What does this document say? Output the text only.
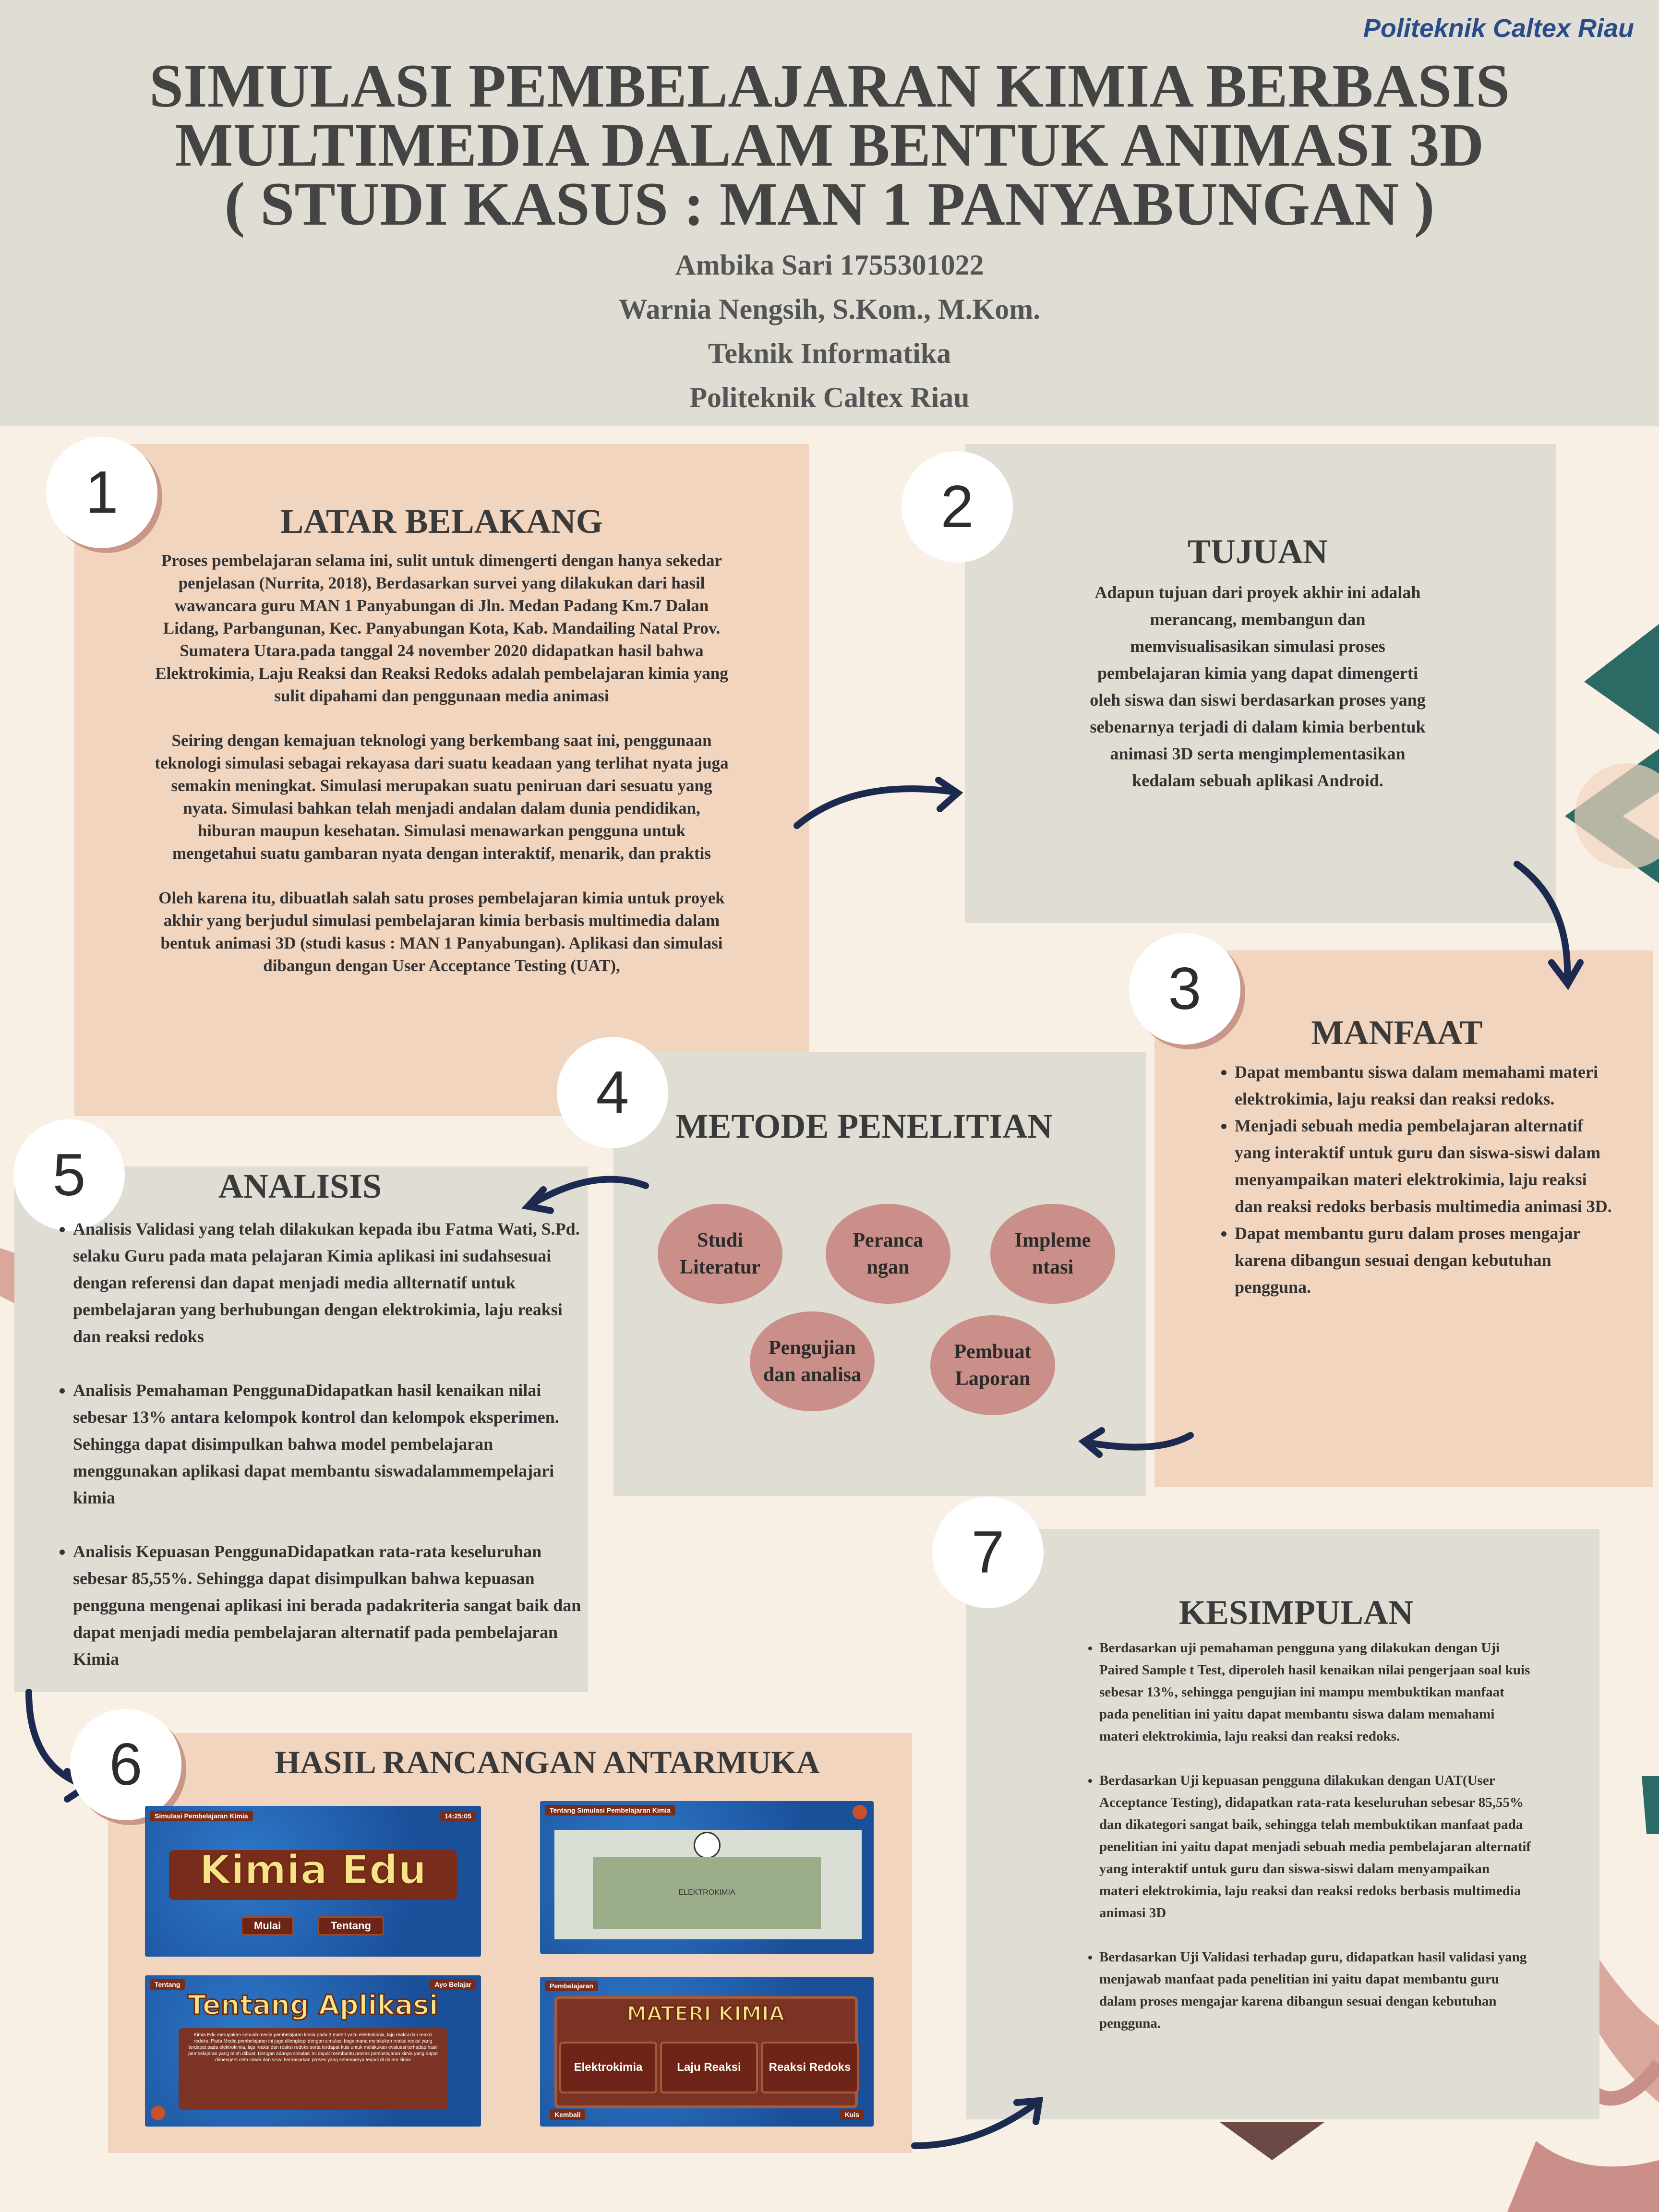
Politeknik Caltex Riau
SIMULASI PEMBELAJARAN KIMIA BERBASIS
MULTIMEDIA DALAM BENTUK ANIMASI 3D
( STUDI KASUS : MAN 1 PANYABUNGAN )
Ambika Sari 1755301022
Warnia Nengsih, S.Kom., M.Kom.
Teknik Informatika
Politeknik Caltex Riau
1	LATAR BELAKANG

Proses pembelajaran selama ini, sulit untuk dimengerti dengan hanya sekedar penjelasan (Nurrita, 2018), Berdasarkan survei yang dilakukan dari hasil wawancara guru MAN 1 Panyabungan di Jln. Medan Padang Km.7 Dalan Lidang, Parbangunan, Kec. Panyabungan Kota, Kab. Mandailing Natal Prov. Sumatera Utara.pada tanggal 24 november 2020 didapatkan hasil bahwa Elektrokimia, Laju Reaksi dan Reaksi Redoks adalah pembelajaran kimia yang sulit dipahami dan penggunaan media animasi

Seiring dengan kemajuan teknologi yang berkembang saat ini, penggunaan teknologi simulasi sebagai rekayasa dari suatu keadaan yang terlihat nyata juga semakin meningkat. Simulasi merupakan suatu peniruan dari sesuatu yang nyata. Simulasi bahkan telah menjadi andalan dalam dunia pendidikan, hiburan maupun kesehatan. Simulasi menawarkan pengguna untuk mengetahui suatu gambaran nyata dengan interaktif, menarik, dan praktis

Oleh karena itu, dibuatlah salah satu proses pembelajaran kimia untuk proyek akhir yang berjudul simulasi pembelajaran kimia berbasis multimedia dalam bentuk animasi 3D (studi kasus : MAN 1 Panyabungan). Aplikasi dan simulasi dibangun dengan User Acceptance Testing (UAT),

2
TUJUAN
Adapun tujuan dari proyek akhir ini adalah merancang, membangun dan memvisualisasikan simulasi proses pembelajaran kimia yang dapat dimengerti oleh siswa dan siswi berdasarkan proses yang sebenarnya terjadi di dalam kimia berbentuk animasi 3D serta mengimplementasikan kedalam sebuah aplikasi Android.
3
MANFAAT
• Dapat membantu siswa dalam memahami materi elektrokimia, laju reaksi dan reaksi redoks.
• Menjadi sebuah media pembelajaran alternatif yang interaktif untuk guru dan siswa-siswi dalam menyampaikan materi elektrokimia, laju reaksi dan reaksi redoks berbasis multimedia animasi 3D.
• Dapat membantu guru dalam proses mengajar karena dibangun sesuai dengan kebutuhan pengguna.
4
METODE PENELITIAN
Studi Literatur
Peranca ngan
Impleme ntasi
Pengujian dan analisa
Pembuat Laporan
5	ANALISIS
• Analisis Validasi yang telah dilakukan kepada ibu Fatma Wati, S.Pd. selaku Guru pada mata pelajaran Kimia aplikasi ini sudahsesuai dengan referensi dan dapat menjadi media allternatif untuk pembelajaran yang berhubungan dengan elektrokimia, laju reaksi dan reaksi redoks
• Analisis Pemahaman PenggunaDidapatkan hasil kenaikan nilai sebesar 13% antara kelompok kontrol dan kelompok eksperimen. Sehingga dapat disimpulkan bahwa model pembelajaran menggunakan aplikasi dapat membantu siswadalammempelajari kimia
• Analisis Kepuasan PenggunaDidapatkan rata-rata keseluruhan sebesar 85,55%. Sehingga dapat disimpulkan bahwa kepuasan pengguna mengenai aplikasi ini berada padakriteria sangat baik dan dapat menjadi media pembelajaran alternatif pada pembelajaran Kimia
6	HASIL RANCANGAN ANTARMUKA
Simulasi Pembelajaran Kimia	14:25:05
Kimia Edu
Mulai	Tentang
Tentang Simulasi Pembelajaran Kimia
ELEKTROKIMIA
Tentang	Ayo Belajar
Tentang Aplikasi
Kimia Edu merupakan sebuah media pembelajaran kimia pada 3 materi yaitu elektrokimia, laju reaksi dan reaksi redoks. Pada Media pembelajaran ini juga dilengkapi dengan simulasi bagaimana melakukan reaksi reaksi yang terdapat pada elektrokimia, laju reaksi dan reaksi redoks serta terdapat kuis untuk melakukan evaluasi terhadap hasil pembelajaran yang telah dibuat. Dengan adanya simulasi ini dapat membantu proses pembelajaran kimia yang dapat dimengerti oleh siswa dan siswi berdasarkan proses yang sebenarnya terjadi di dalam kimia
Pembelajaran
MATERI KIMIA
Elektrokimia	Laju Reaksi	Reaksi Redoks
Kembali	Kuis
7
KESIMPULAN
• Berdasarkan uji pemahaman pengguna yang dilakukan dengan Uji Paired Sample t Test, diperoleh hasil kenaikan nilai pengerjaan soal kuis sebesar 13%, sehingga pengujian ini mampu membuktikan manfaat pada penelitian ini yaitu dapat membantu siswa dalam memahami materi elektrokimia, laju reaksi dan reaksi redoks.
• Berdasarkan Uji kepuasan pengguna dilakukan dengan UAT(User Acceptance Testing), didapatkan rata-rata keseluruhan sebesar 85,55% dan dikategori sangat baik, sehingga telah membuktikan manfaat pada penelitian ini yaitu dapat menjadi sebuah media pembelajaran alternatif yang interaktif untuk guru dan siswa-siswi dalam menyampaikan materi elektrokimia, laju reaksi dan reaksi redoks berbasis multimedia animasi 3D
• Berdasarkan Uji Validasi terhadap guru, didapatkan hasil validasi yang menjawab manfaat pada penelitian ini yaitu dapat membantu guru dalam proses mengajar karena dibangun sesuai dengan kebutuhan pengguna.
